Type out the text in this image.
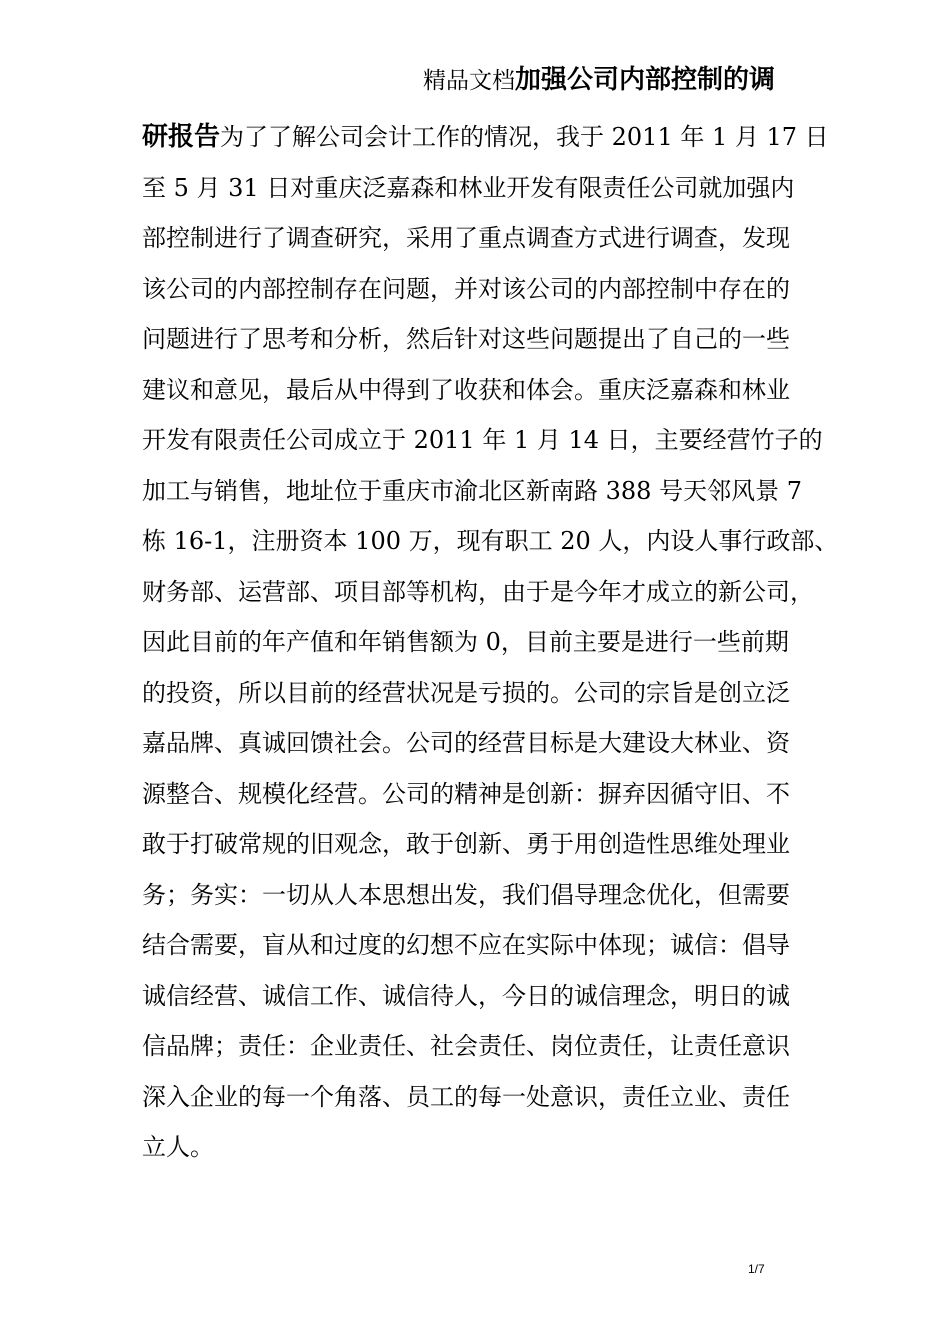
精品文档加强公司内部控制的调
研报告为了了解公司会计工作的情况，我于 2011 年 1 月 17 日
至 5 月 31 日对重庆泛嘉森和林业开发有限责任公司就加强内
部控制进行了调查研究，采用了重点调查方式进行调查，发现
该公司的内部控制存在问题，并对该公司的内部控制中存在的
问题进行了思考和分析，然后针对这些问题提出了自己的一些
建议和意见，最后从中得到了收获和体会。重庆泛嘉森和林业
开发有限责任公司成立于 2011 年 1 月 14 日，主要经营竹子的
加工与销售，地址位于重庆市渝北区新南路 388 号天邻风景 7
栋 16-1，注册资本 100 万，现有职工 20 人，内设人事行政部、
财务部、运营部、项目部等机构，由于是今年才成立的新公司，
因此目前的年产值和年销售额为 0，目前主要是进行一些前期
的投资，所以目前的经营状况是亏损的。公司的宗旨是创立泛
嘉品牌、真诚回馈社会。公司的经营目标是大建设大林业、资
源整合、规模化经营。公司的精神是创新：摒弃因循守旧、不
敢于打破常规的旧观念，敢于创新、勇于用创造性思维处理业
务；务实：一切从人本思想出发，我们倡导理念优化，但需要
结合需要，盲从和过度的幻想不应在实际中体现；诚信：倡导
诚信经营、诚信工作、诚信待人，今日的诚信理念，明日的诚
信品牌；责任：企业责任、社会责任、岗位责任，让责任意识
深入企业的每一个角落、员工的每一处意识，责任立业、责任
立人。
1/7
